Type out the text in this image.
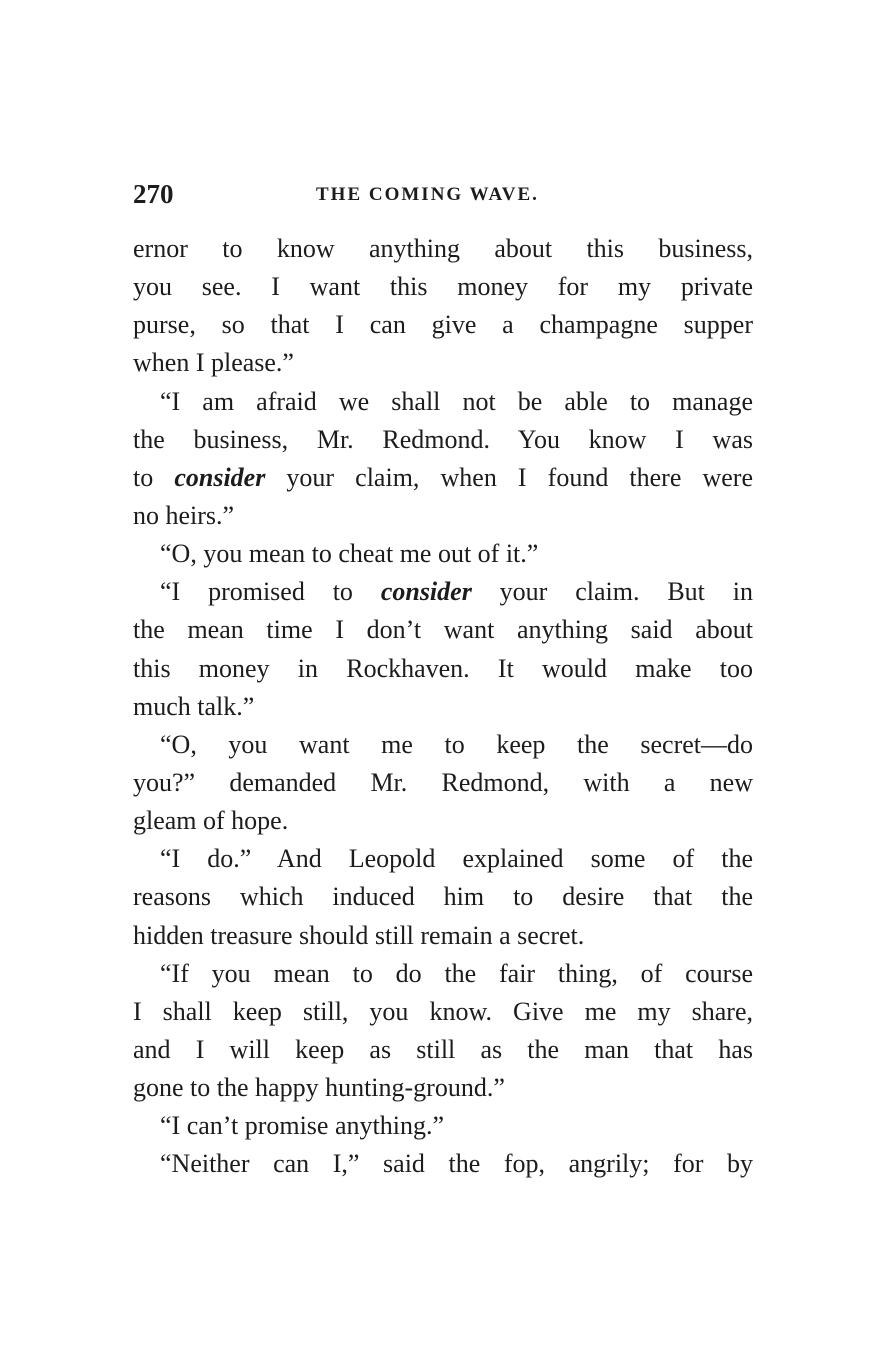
270	THE COMING WAVE.
ernor to know anything about this business,
you see. I want this money for my private
purse, so that I can give a champagne supper
when I please.”
“I am afraid we shall not be able to manage
the business, Mr. Redmond. You know I was
to consider your claim, when I found there were
no heirs.”
“O, you mean to cheat me out of it.”
“I promised to consider your claim. But in
the mean time I don’t want anything said about
this money in Rockhaven. It would make too
much talk.”
“O, you want me to keep the secret—do
you?” demanded Mr. Redmond, with a new
gleam of hope.
“I do.” And Leopold explained some of the
reasons which induced him to desire that the
hidden treasure should still remain a secret.
“If you mean to do the fair thing, of course
I shall keep still, you know. Give me my share,
and I will keep as still as the man that has
gone to the happy hunting-ground.”
“I can’t promise anything.”
“Neither can I,” said the fop, angrily; for by
